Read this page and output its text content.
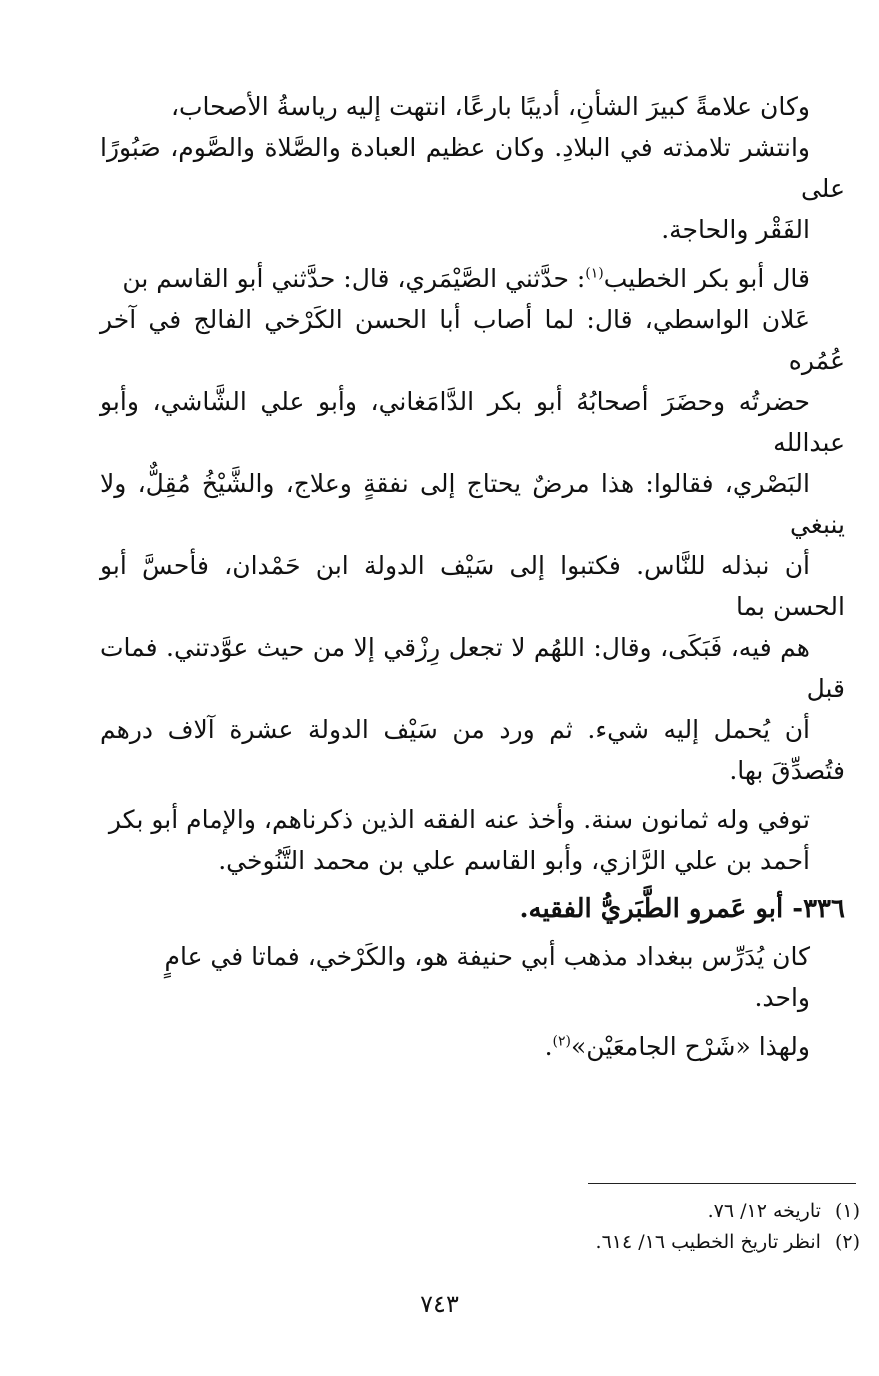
وكان علامةً كبيرَ الشأنِ، أديبًا بارعًا، انتهت إليه رياسةُ الأصحاب،
وانتشر تلامذته في البلادِ. وكان عظيم العبادة والصَّلاة والصَّوم، صَبُورًا على
الفَقْر والحاجة.

قال أبو بكر الخطيب$^{(١)}$: حدَّثني الصَّيْمَري، قال: حدَّثني أبو القاسم بن
عَلان الواسطي، قال: لما أصاب أبا الحسن الكَرْخي الفالج في آخر عُمُره
حضرتُه وحضَرَ أصحابُهُ أبو بكر الدَّامَغاني، وأبو علي الشَّاشي، وأبو عبدالله
البَصْري، فقالوا: هذا مرضٌ يحتاج إلى نفقةٍ وعلاج، والشَّيْخُ مُقِلٌّ، ولا ينبغي
أن نبذله للنَّاس. فكتبوا إلى سَيْف الدولة ابن حَمْدان، فأحسَّ أبو الحسن بما
هم فيه، فَبَكَى، وقال: اللهُم لا تجعل رِزْقي إلا من حيث عوَّدتني. فمات قبل
أن يُحمل إليه شيء. ثم ورد من سَيْف الدولة عشرة آلاف درهم فتُصدِّقَ بها.

توفي وله ثمانون سنة. وأخذ عنه الفقه الذين ذكرناهم، والإمام أبو بكر
أحمد بن علي الرَّازي، وأبو القاسم علي بن محمد التَّنُوخي.

٣٣٦- أبو عَمرو الطَّبَريُّ الفقيه.

كان يُدَرِّس ببغداد مذهب أبي حنيفة هو، والكَرْخي، فماتا في عامٍ
واحد.

ولهذا «شَرْح الجامعَيْن»$^{(٢)}$.

(١)تاريخه ١٢/ ٧٦.
(٢)انظر تاريخ الخطيب ١٦/ ٦١٤.
٧٤٣
